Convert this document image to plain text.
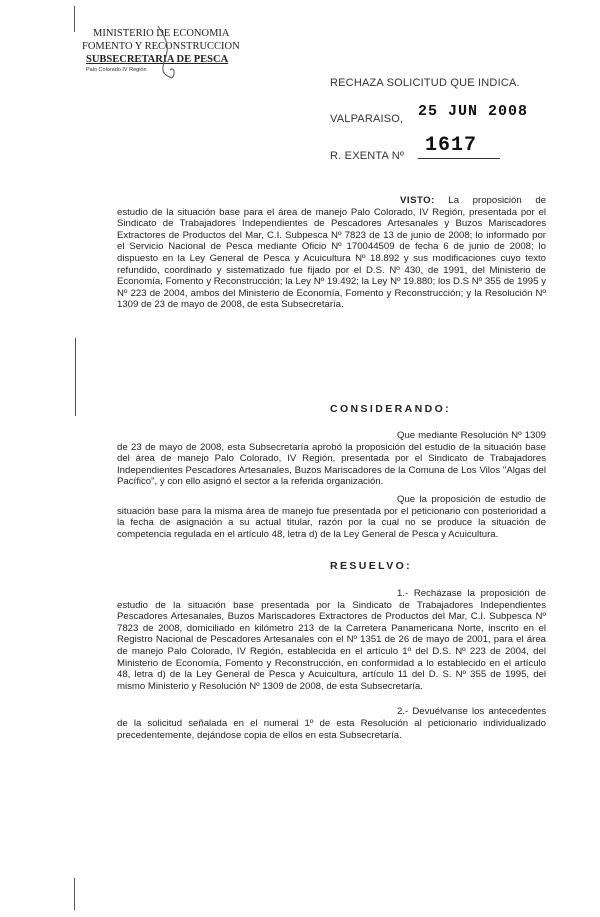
MINISTERIO DE ECONOMIA
FOMENTO Y RECONSTRUCCION
SUBSECRETARIA DE PESCA
Palo Colorado IV Región
RECHAZA SOLICITUD QUE INDICA.
VALPARAISO, 25 JUN 2008
R. EXENTA Nº 1617

VISTO: La proposición de estudio de la situación base para el área de manejo Palo Colorado, IV Región, presentada por el Sindicato de Trabajadores Independientes de Pescadores Artesanales y Buzos Mariscadores Extractores de Productos del Mar, C.I. Subpesca Nº 7823 de 13 de junio de 2008; lo informado por el Servicio Nacional de Pesca mediante Oficio Nº 170044509 de fecha 6 de junio de 2008; lo dispuesto en la Ley General de Pesca y Acuicultura Nº 18.892 y sus modificaciones cuyo texto refundido, coordinado y sistematizado fue fijado por el D.S. Nº 430, de 1991, del Ministerio de Economía, Fomento y Reconstrucción; la Ley Nº 19.492; la Ley Nº 19.880; los D.S Nº 355 de 1995 y Nº 223 de 2004, ambos del Ministerio de Economía, Fomento y Reconstrucción; y la Resolución Nº 1309 de 23 de mayo de 2008, de esta Subsecretaría.

CONSIDERANDO:

Que mediante Resolución Nº 1309 de 23 de mayo de 2008, esta Subsecretaría aprobó la proposición del estudio de la situación base del área de manejo Palo Colorado, IV Región, presentada por el Sindicato de Trabajadores Independientes Pescadores Artesanales, Buzos Mariscadores de la Comuna de Los Vilos "Algas del Pacífico", y con ello asignó el sector a la referida organización.

Que la proposición de estudio de situación base para la misma área de manejo fue presentada por el peticionario con posterioridad a la fecha de asignación a su actual titular, razón por la cual no se produce la situación de competencia regulada en el artículo 48, letra d) de la Ley General de Pesca y Acuicultura.

RESUELVO:

1.- Recházase la proposición de estudio de la situación base presentada por la Sindicato de Trabajadores Independientes Pescadores Artesanales, Buzos Mariscadores Extractores de Productos del Mar, C.I. Subpesca Nº 7823 de 2008, domiciliado en kilómetro 213 de la Carretera Panamericana Norte, inscrito en el Registro Nacional de Pescadores Artesanales con el Nº 1351 de 26 de mayo de 2001, para el área de manejo Palo Colorado, IV Región, establecida en el artículo 1º del D.S. Nº 223 de 2004, del Ministerio de Economía, Fomento y Reconstrucción, en conformidad a lo establecido en el artículo 48, letra d) de la Ley General de Pesca y Acuicultura, artículo 11 del D. S. Nº 355 de 1995, del mismo Ministerio y Resolución Nº 1309 de 2008, de esta Subsecretaría.

2.- Devuélvanse los antecedentes de la solicitud señalada en el numeral 1º de esta Resolución al peticionario individualizado precedentemente, dejándose copia de ellos en esta Subsecretaría.
